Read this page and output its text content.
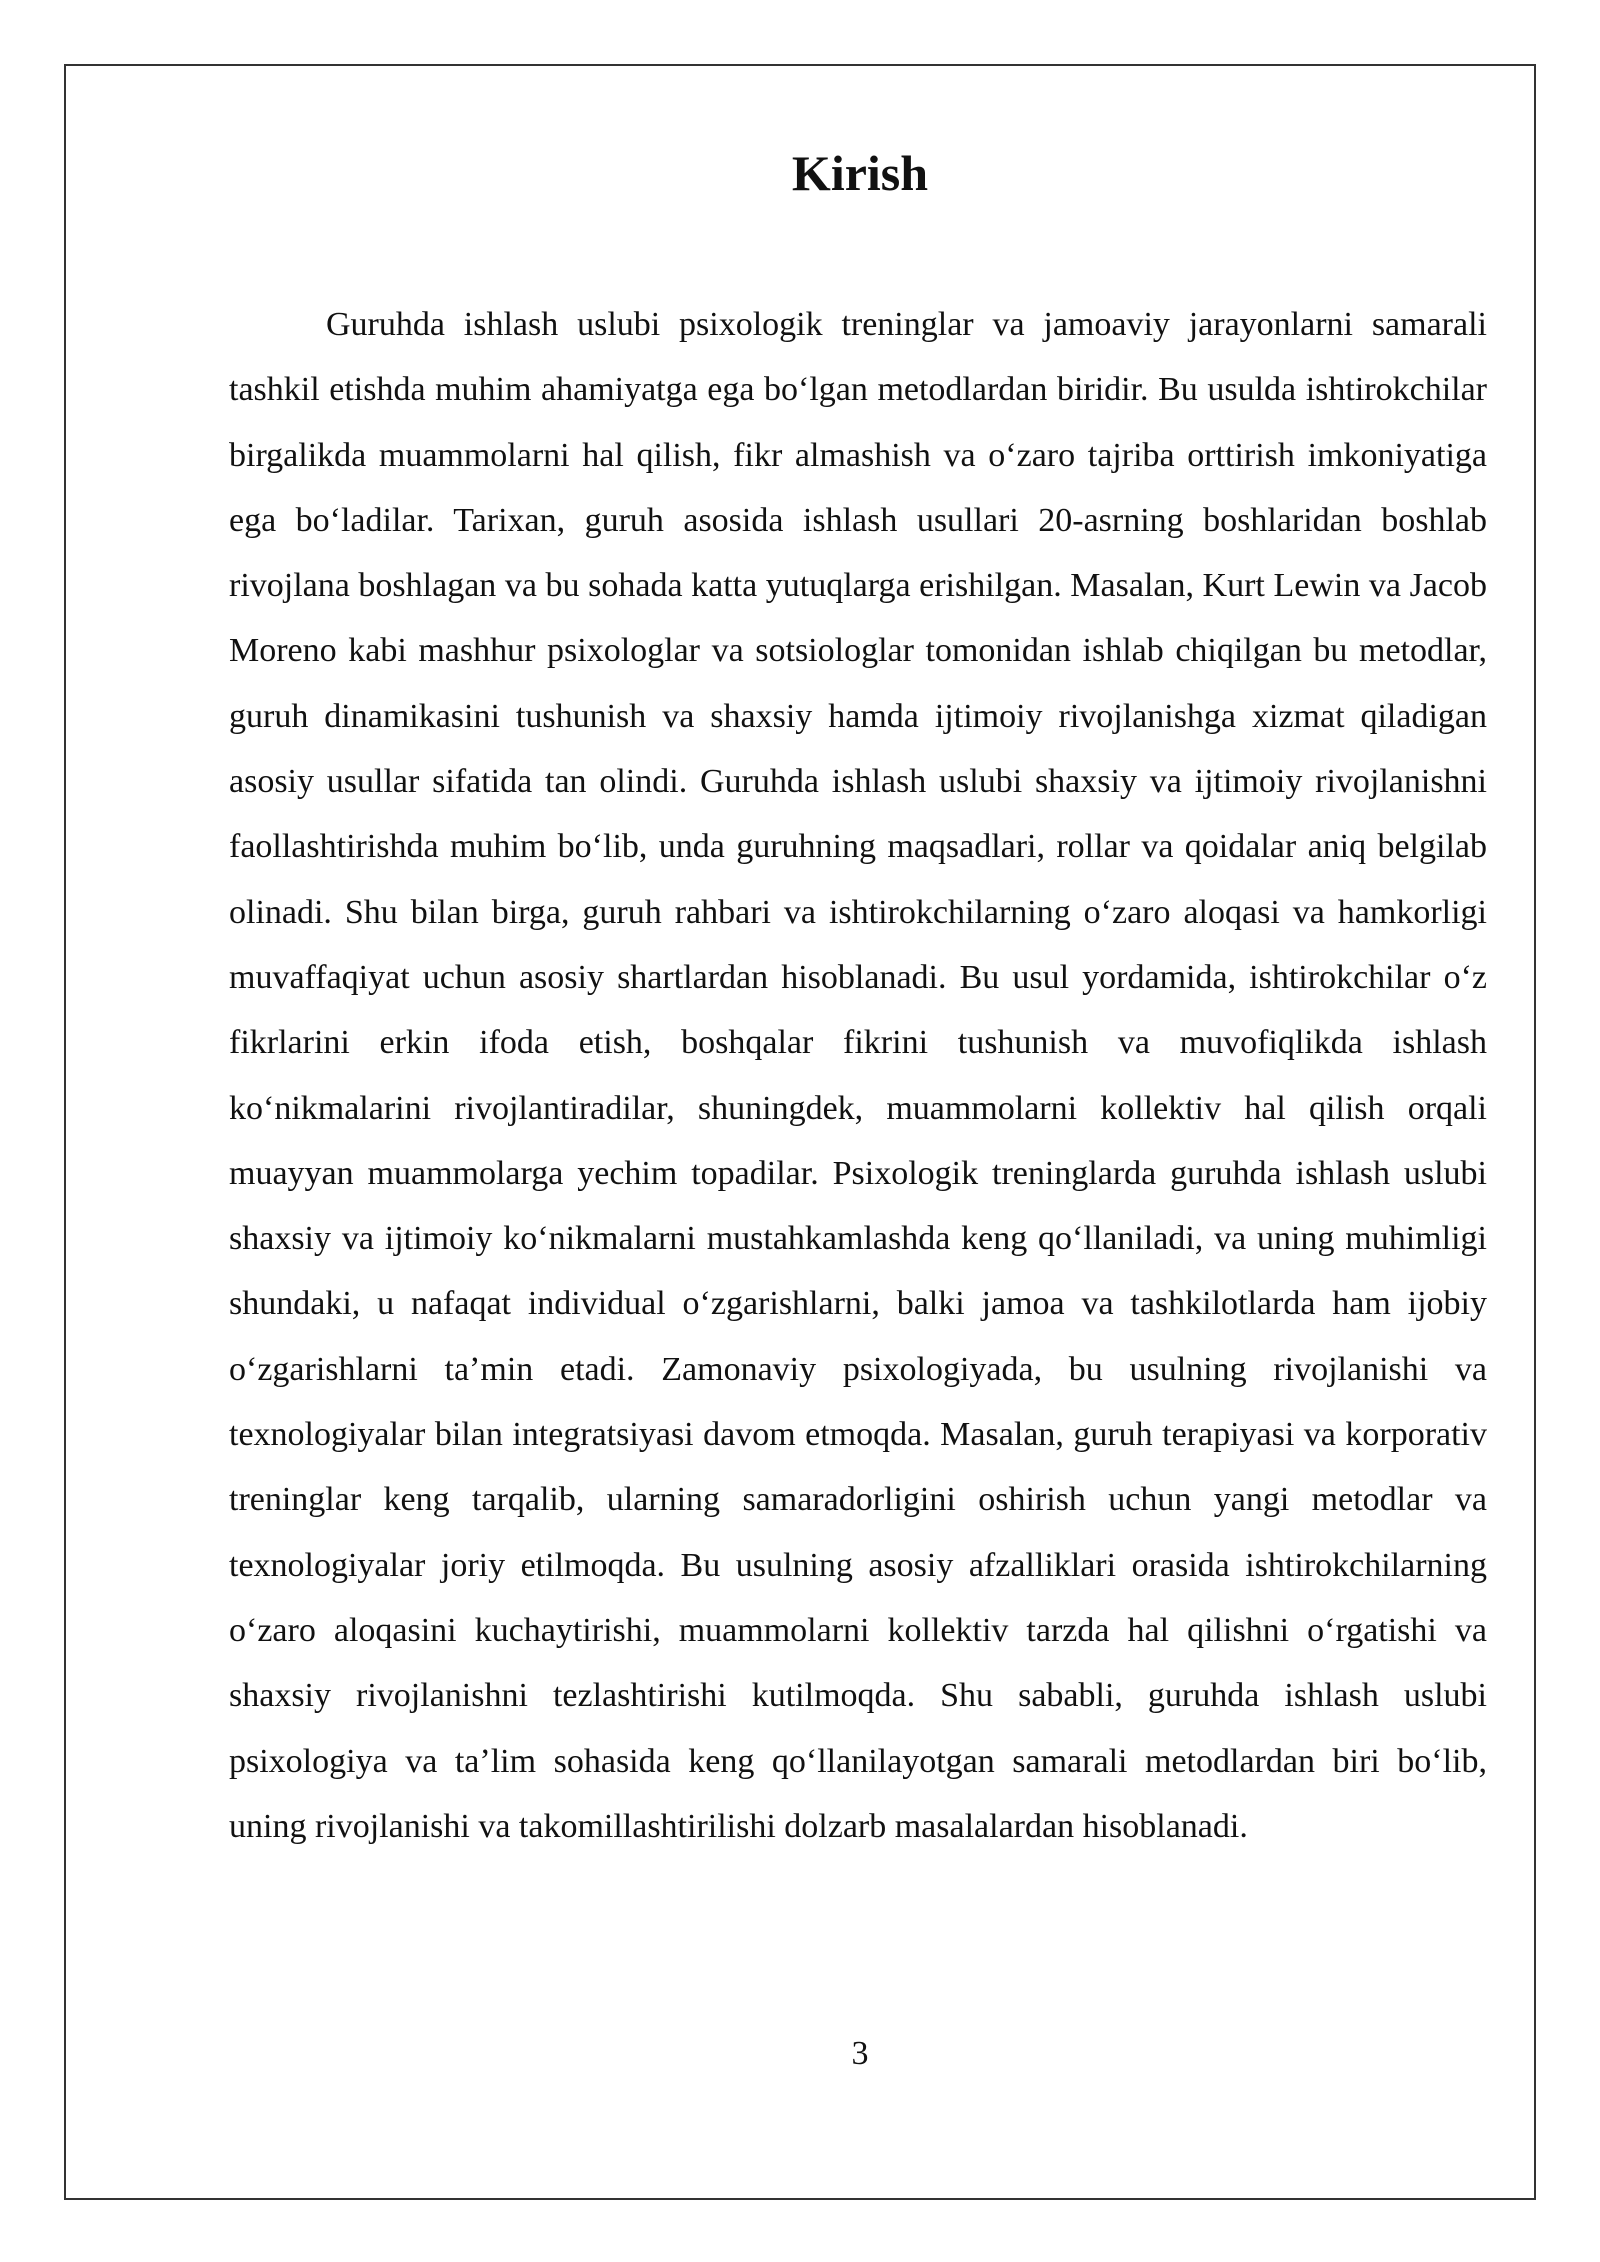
Kirish

Guruhda ishlash uslubi psixologik treninglar va jamoaviy jarayonlarni samarali tashkil etishda muhim ahamiyatga ega boʻlgan metodlardan biridir. Bu usulda ishtirokchilar birgalikda muammolarni hal qilish, fikr almashish va oʻzaro tajriba orttirish imkoniyatiga ega boʻladilar. Tarixan, guruh asosida ishlash usullari 20-asrning boshlaridan boshlab rivojlana boshlagan va bu sohada katta yutuqlarga erishilgan. Masalan, Kurt Lewin va Jacob Moreno kabi mashhur psixologlar va sotsiologlar tomonidan ishlab chiqilgan bu metodlar, guruh dinamikasini tushunish va shaxsiy hamda ijtimoiy rivojlanishga xizmat qiladigan asosiy usullar sifatida tan olindi. Guruhda ishlash uslubi shaxsiy va ijtimoiy rivojlanishni faollashtirishda muhim boʻlib, unda guruhning maqsadlari, rollar va qoidalar aniq belgilab olinadi. Shu bilan birga, guruh rahbari va ishtirokchilarning oʻzaro aloqasi va hamkorligi muvaffaqiyat uchun asosiy shartlardan hisoblanadi. Bu usul yordamida, ishtirokchilar oʻz fikrlarini erkin ifoda etish, boshqalar fikrini tushunish va muvofiqlikda ishlash koʻnikmalarini rivojlantiradilar, shuningdek, muammolarni kollektiv hal qilish orqali muayyan muammolarga yechim topadilar. Psixologik treninglarda guruhda ishlash uslubi shaxsiy va ijtimoiy koʻnikmalarni mustahkamlashda keng qoʻllaniladi, va uning muhimligi shundaki, u nafaqat individual oʻzgarishlarni, balki jamoa va tashkilotlarda ham ijobiy oʻzgarishlarni taʼmin etadi. Zamonaviy psixologiyada, bu usulning rivojlanishi va texnologiyalar bilan integratsiyasi davom etmoqda. Masalan, guruh terapiyasi va korporativ treninglar keng tarqalib, ularning samaradorligini oshirish uchun yangi metodlar va texnologiyalar joriy etilmoqda. Bu usulning asosiy afzalliklari orasida ishtirokchilarning oʻzaro aloqasini kuchaytirishi, muammolarni kollektiv tarzda hal qilishni oʻrgatishi va shaxsiy rivojlanishni tezlashtirishi kutilmoqda. Shu sababli, guruhda ishlash uslubi psixologiya va taʼlim sohasida keng qoʻllanilayotgan samarali metodlardan biri boʻlib, uning rivojlanishi va takomillashtirilishi dolzarb masalalardan hisoblanadi.

3
